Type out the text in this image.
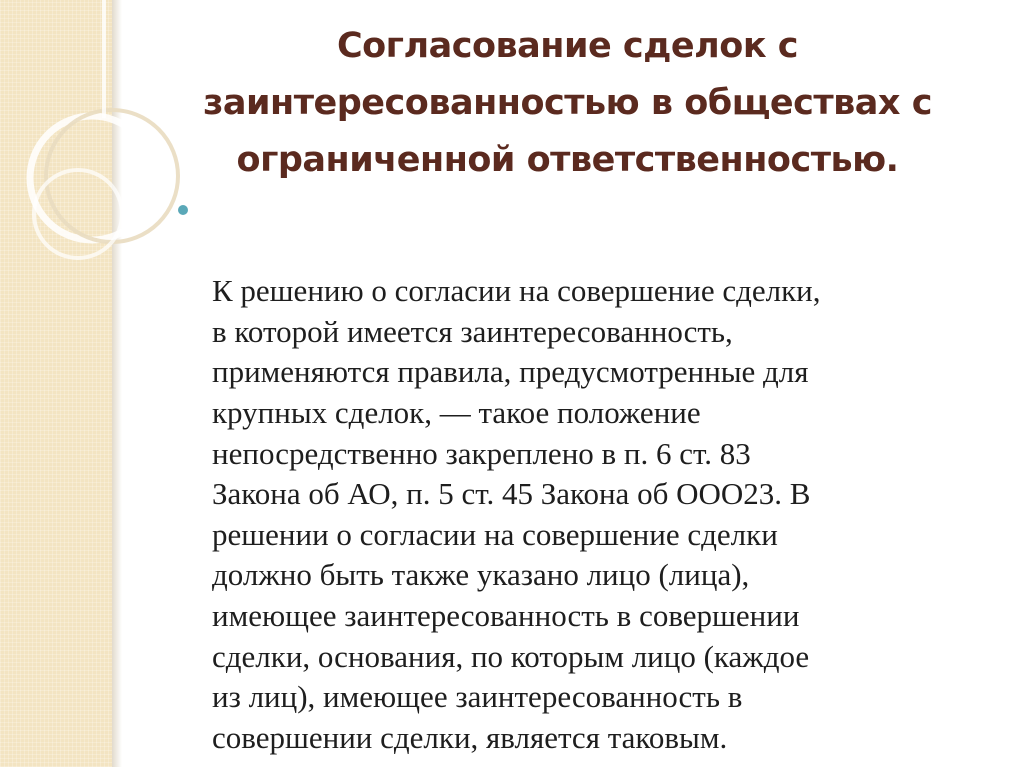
Согласование сделок с
заинтересованностью в обществах с
ограниченной ответственностью.

К решению о согласии на совершение сделки,
в которой имеется заинтересованность,
применяются правила, предусмотренные для
крупных сделок, — такое положение
непосредственно закреплено в п. 6 ст. 83
Закона об АО, п. 5 ст. 45 Закона об ООО23. В
решении о согласии на совершение сделки
должно быть также указано лицо (лица),
имеющее заинтересованность в совершении
сделки, основания, по которым лицо (каждое
из лиц), имеющее заинтересованность в
совершении сделки, является таковым.
